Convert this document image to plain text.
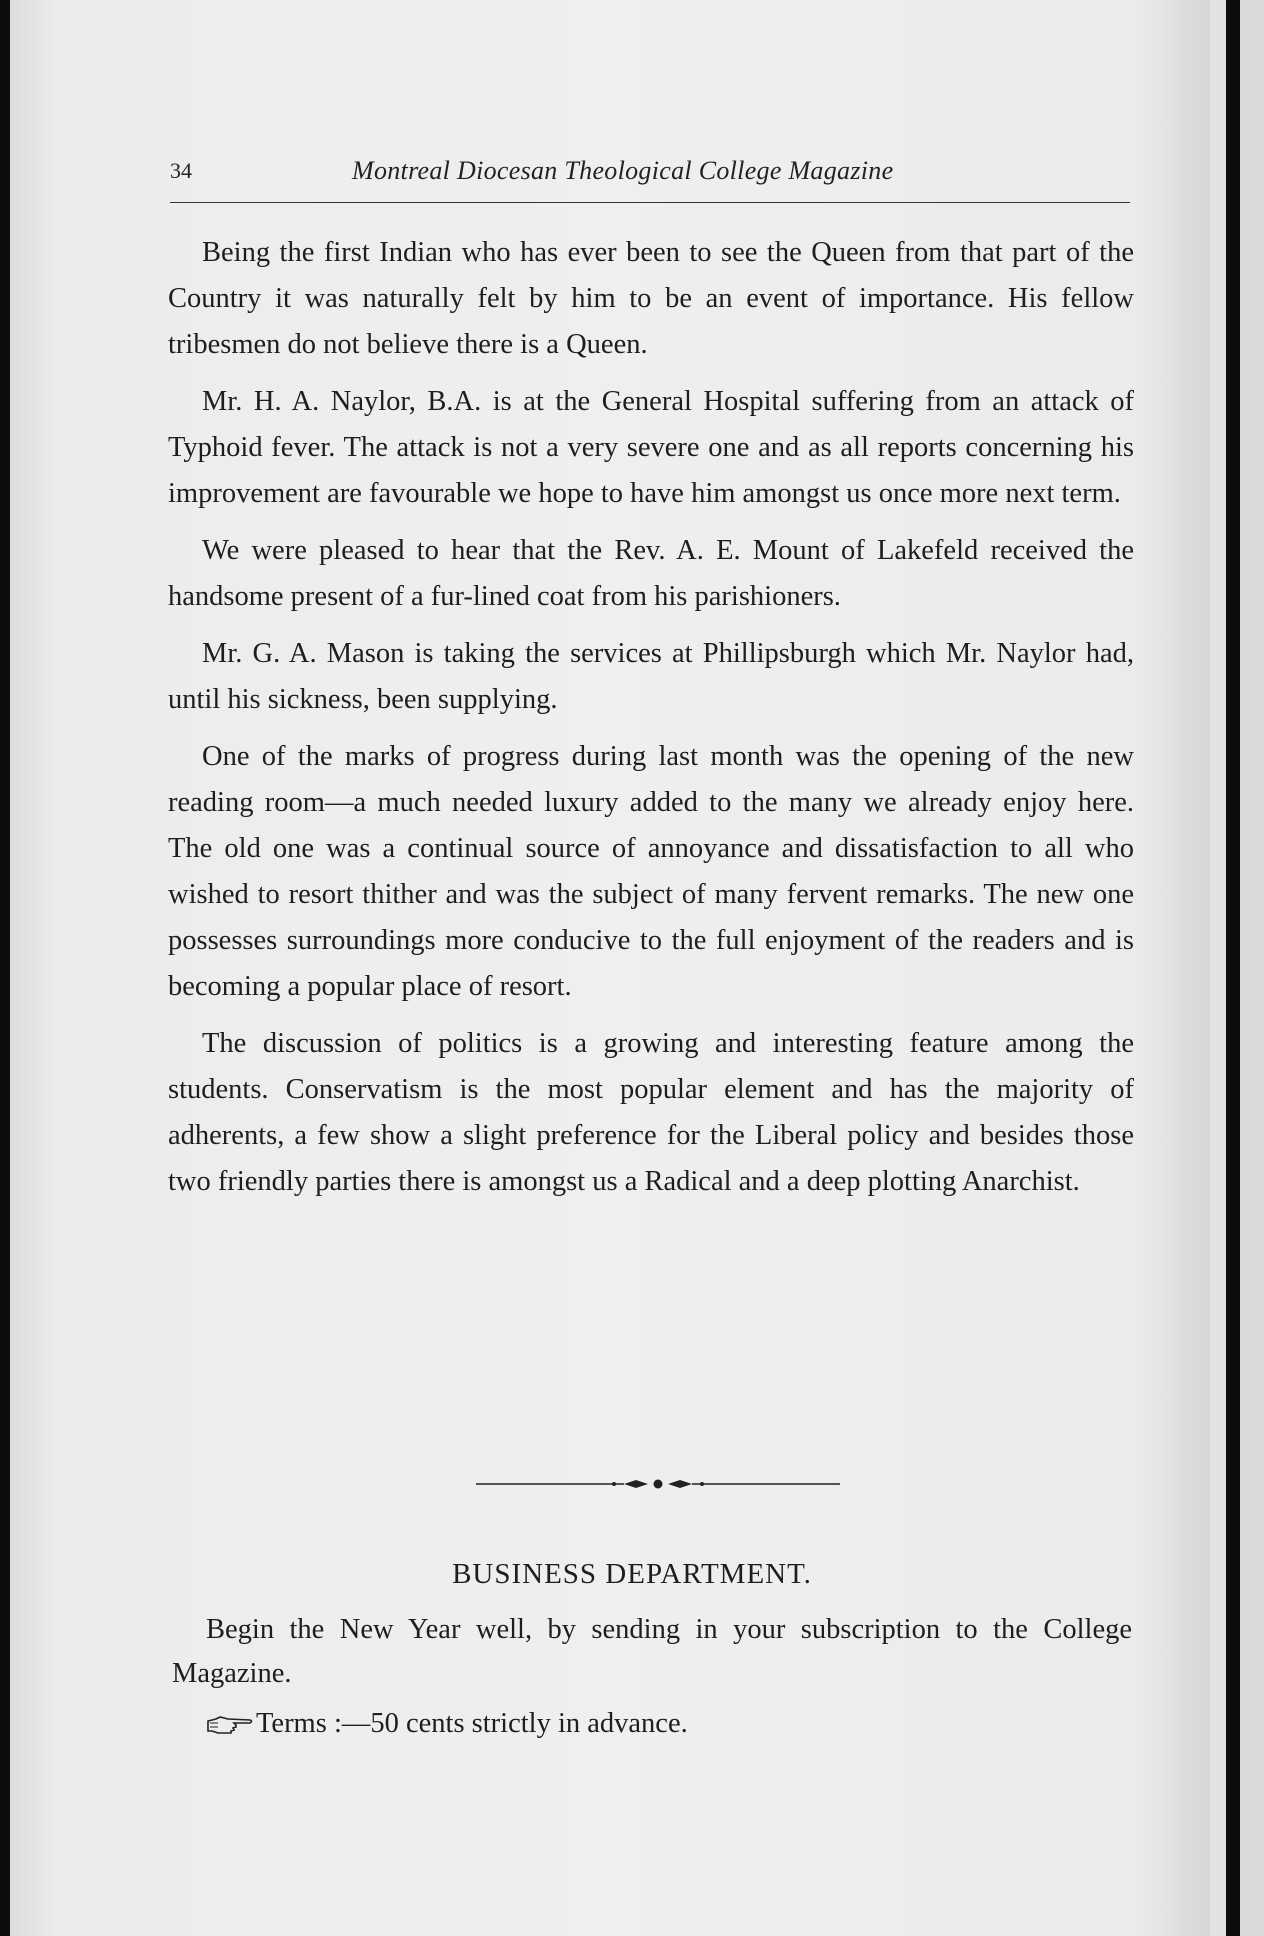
34	Montreal Diocesan Theological College Magazine

Being the first Indian who has ever been to see the Queen from that part of the Country it was naturally felt by him to be an event of importance. His fellow tribesmen do not believe there is a Queen.

Mr. H. A. Naylor, B.A. is at the General Hospital suffering from an attack of Typhoid fever. The attack is not a very severe one and as all reports concerning his improvement are favourable we hope to have him amongst us once more next term.

We were pleased to hear that the Rev. A. E. Mount of Lakefeld received the handsome present of a fur-lined coat from his parishioners.

Mr. G. A. Mason is taking the services at Phillipsburgh which Mr. Naylor had, until his sickness, been supplying.

One of the marks of progress during last month was the opening of the new reading room—a much needed luxury added to the many we already enjoy here. The old one was a continual source of annoyance and dissatisfaction to all who wished to resort thither and was the subject of many fervent remarks. The new one possesses surroundings more conducive to the full enjoyment of the readers and is becoming a popular place of resort.

The discussion of politics is a growing and interesting feature among the students. Conservatism is the most popular element and has the majority of adherents, a few show a slight preference for the Liberal policy and besides those two friendly parties there is amongst us a Radical and a deep plotting Anarchist.

BUSINESS DEPARTMENT.

Begin the New Year well, by sending in your subscription to the College Magazine.

Terms :—50 cents strictly in advance.
